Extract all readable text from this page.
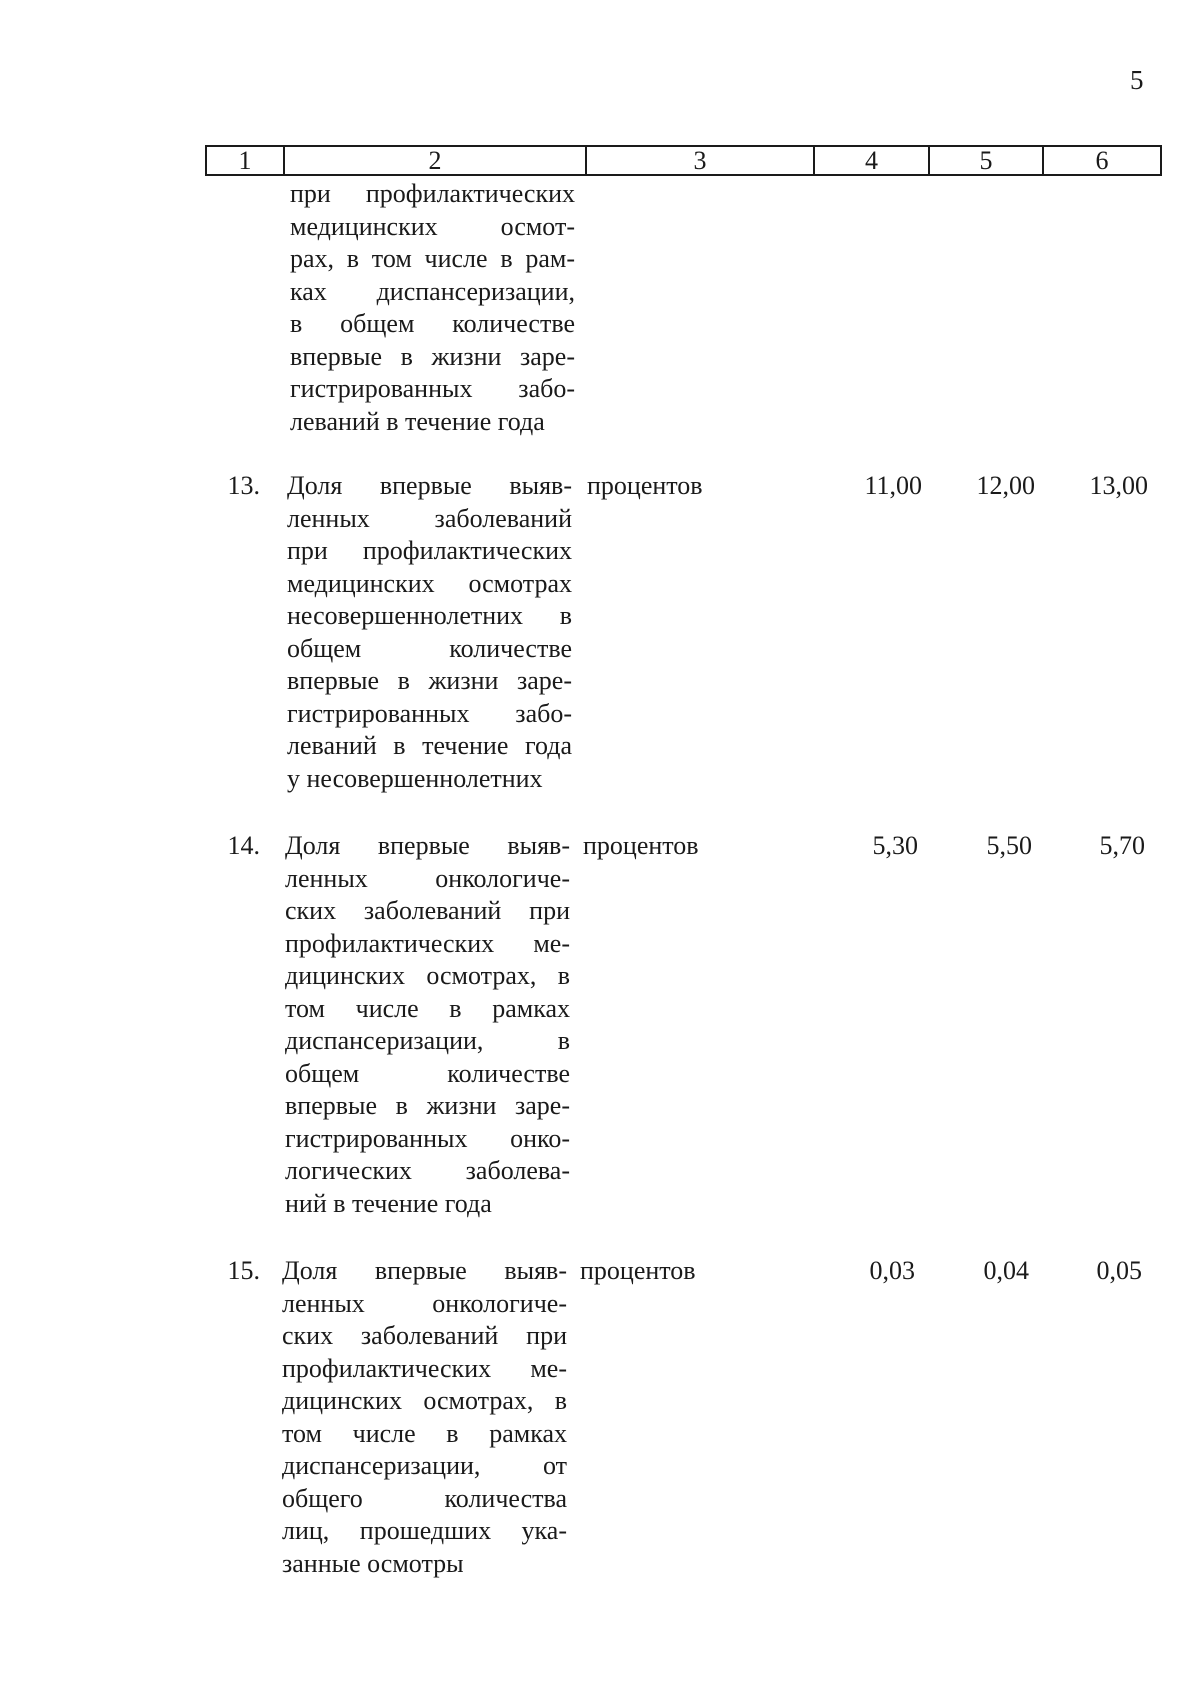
5
1	2	3	4	5	6
при профилактических
медицинских осмот-
рах, в том числе в рам-
ках диспансеризации,
в общем количестве
впервые в жизни заре-
гистрированных забо-
леваний в течение года
13. Доля впервые выяв-
ленных заболеваний
при профилактических
медицинских осмотрах
несовершеннолетних в
общем количестве
впервые в жизни заре-
гистрированных забо-
леваний в течение года
у несовершеннолетних
процентов	11,00	12,00	13,00
14. Доля впервые выяв-
ленных онкологиче-
ских заболеваний при
профилактических ме-
дицинских осмотрах, в
том числе в рамках
диспансеризации, в
общем количестве
впервые в жизни заре-
гистрированных онко-
логических заболева-
ний в течение года
процентов	5,30	5,50	5,70
15. Доля впервые выяв-
ленных онкологиче-
ских заболеваний при
профилактических ме-
дицинских осмотрах, в
том числе в рамках
диспансеризации, от
общего количества
лиц, прошедших ука-
занные осмотры
процентов	0,03	0,04	0,05
